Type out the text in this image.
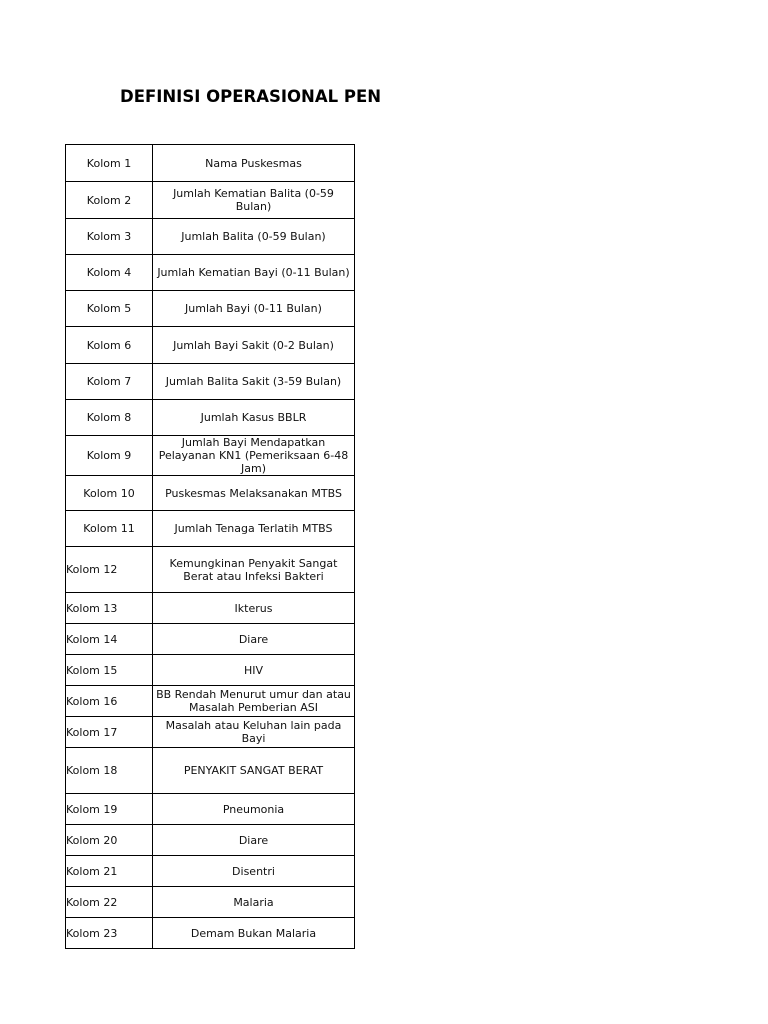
DEFINISI OPERASIONAL PEN
Kolom 1	Nama Puskesmas

Kolom 2	Jumlah Kematian Balita (0-59 Bulan)

Kolom 3	Jumlah Balita (0-59 Bulan)

Kolom 4	Jumlah Kematian Bayi (0-11 Bulan)

Kolom 5	Jumlah Bayi (0-11 Bulan)

Kolom 6	Jumlah Bayi Sakit (0-2 Bulan)

Kolom 7	Jumlah Balita Sakit (3-59 Bulan)

Kolom 8	Jumlah Kasus BBLR

Kolom 9	Jumlah Bayi Mendapatkan Pelayanan KN1 (Pemeriksaan 6-48 Jam)

Kolom 10	Puskesmas Melaksanakan MTBS

Kolom 11	Jumlah Tenaga Terlatih MTBS

Kolom 12	Kemungkinan Penyakit Sangat Berat atau Infeksi Bakteri

Kolom 13	Ikterus

Kolom 14	Diare

Kolom 15	HIV

Kolom 16	BB Rendah Menurut umur dan atau Masalah Pemberian ASI

Kolom 17	Masalah atau Keluhan lain pada Bayi

Kolom 18	PENYAKIT SANGAT BERAT

Kolom 19	Pneumonia

Kolom 20	Diare

Kolom 21	Disentri

Kolom 22	Malaria

Kolom 23	Demam Bukan Malaria
